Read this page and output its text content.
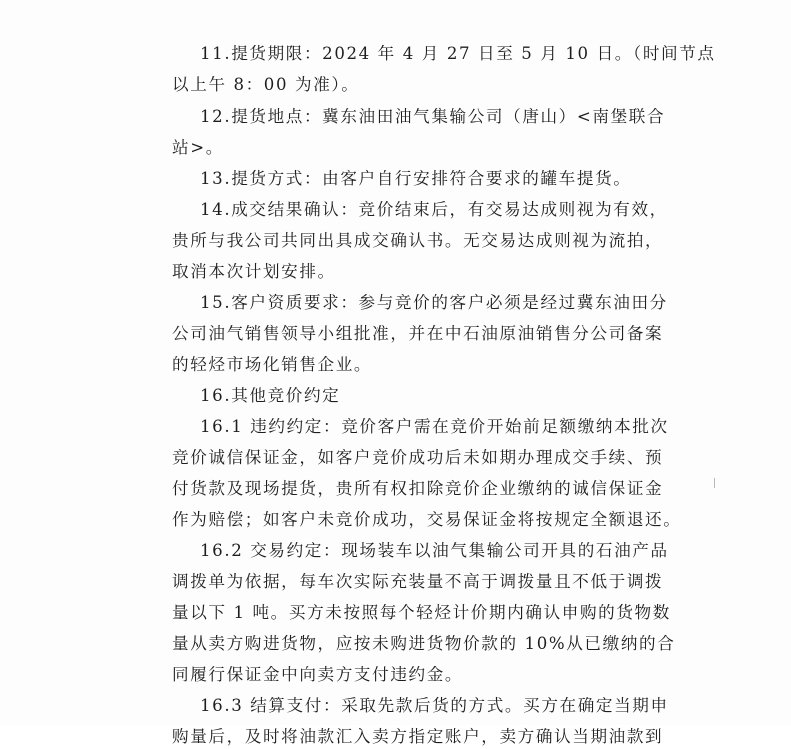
11.提货期限：2024 年 4 月 27 日至 5 月 10 日。（时间节点
以上午 8：00 为准）。
12.提货地点：冀东油田油气集输公司（唐山）<南堡联合
站>。
13.提货方式：由客户自行安排符合要求的罐车提货。
14.成交结果确认：竞价结束后，有交易达成则视为有效，
贵所与我公司共同出具成交确认书。无交易达成则视为流拍，
取消本次计划安排。
15.客户资质要求：参与竞价的客户必须是经过冀东油田分
公司油气销售领导小组批准，并在中石油原油销售分公司备案
的轻烃市场化销售企业。
16.其他竞价约定
16.1 违约约定：竞价客户需在竞价开始前足额缴纳本批次
竞价诚信保证金，如客户竞价成功后未如期办理成交手续、预
付货款及现场提货，贵所有权扣除竞价企业缴纳的诚信保证金
作为赔偿；如客户未竞价成功，交易保证金将按规定全额退还。
16.2 交易约定：现场装车以油气集输公司开具的石油产品
调拨单为依据，每车次实际充装量不高于调拨量且不低于调拨
量以下 1 吨。买方未按照每个轻烃计价期内确认申购的货物数
量从卖方购进货物，应按未购进货物价款的 10%从已缴纳的合
同履行保证金中向卖方支付违约金。
16.3 结算支付：采取先款后货的方式。买方在确定当期申
购量后，及时将油款汇入卖方指定账户，卖方确认当期油款到
